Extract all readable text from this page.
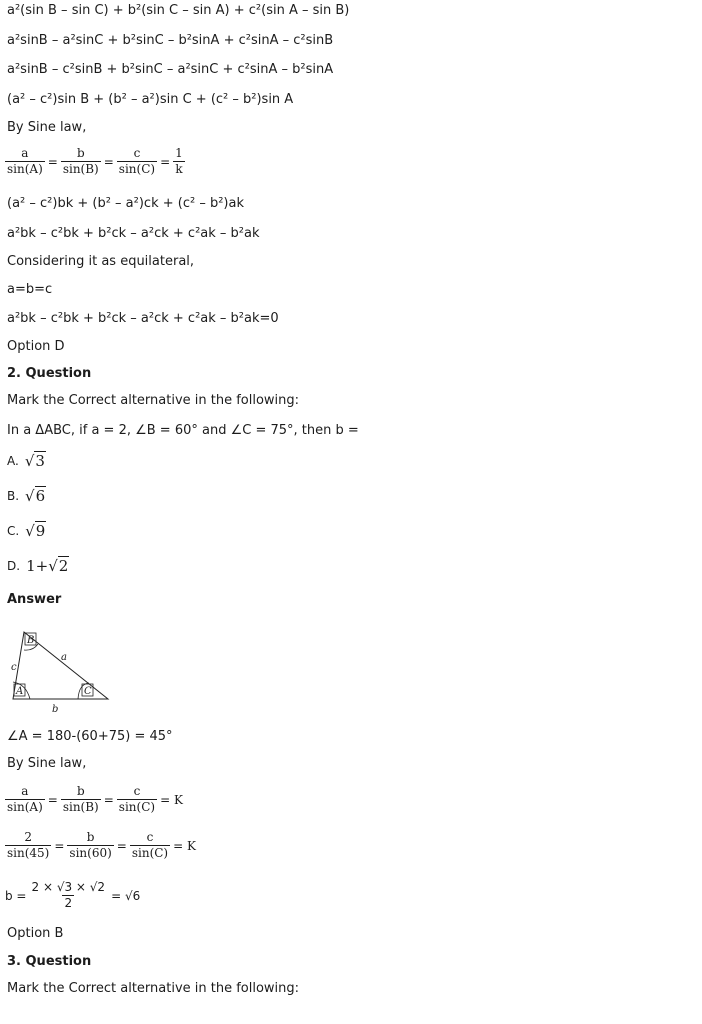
a²(sin B – sin C) + b²(sin C – sin A) + c²(sin A – sin B)
a²sinB – a²sinC + b²sinC – b²sinA + c²sinA – c²sinB
a²sinB – c²sinB + b²sinC – a²sinC + c²sinA – b²sinA
(a² – c²)sin B + (b² – a²)sin C + (c² – b²)sin A
By Sine law,
$\frac{a}{\sin(A)} = \frac{b}{\sin(B)} = \frac{c}{\sin(C)} = \frac{1}{k}$
(a² – c²)bk + (b² – a²)ck + (c² – b²)ak
a²bk – c²bk + b²ck – a²ck + c²ak – b²ak
Considering it as equilateral,
a=b=c
a²bk – c²bk + b²ck – a²ck + c²ak – b²ak=0
Option D
2. Question
Mark the Correct alternative in the following:
In a ΔABC, if a = 2, ∠B = 60° and ∠C = 75°, then b =
A. √3
B. √6
C. √9
D. 1+√2
Answer
B
A	C
a
b
c
∠A = 180-(60+75) = 45°
By Sine law,
$\frac{a}{\sin(A)} = \frac{b}{\sin(B)} = \frac{c}{\sin(C)} = K$
$\frac{2}{\sin(45)} = \frac{b}{\sin(60)} = \frac{c}{\sin(C)} = K$
$b = \frac{2 \times √3 \times √2}{2} = √6$
Option B
3. Question
Mark the Correct alternative in the following:
